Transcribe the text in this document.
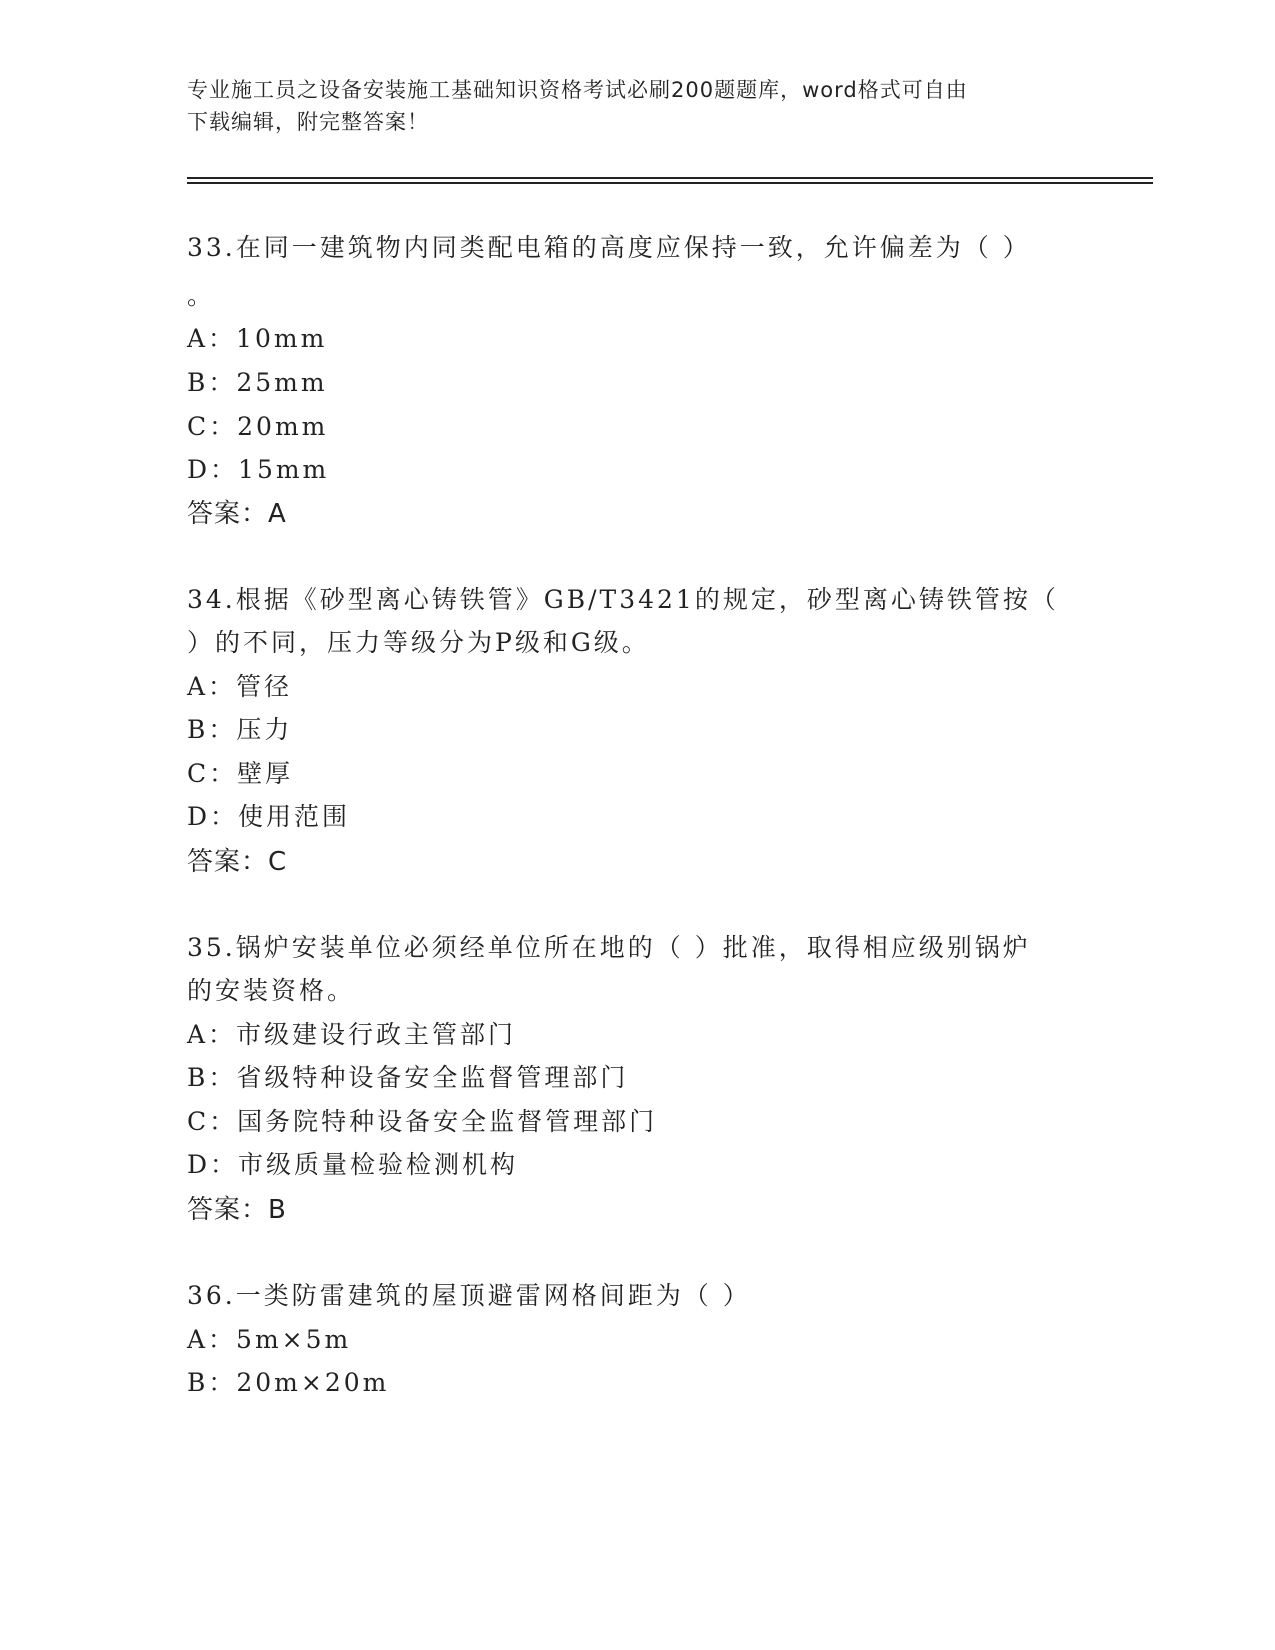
专业施工员之设备安装施工基础知识资格考试必刷200题题库，word格式可自由
下载编辑，附完整答案！
33.在同一建筑物内同类配电箱的高度应保持一致，允许偏差为（ ）
。
A：10mm
B：25mm
C：20mm
D：15mm
答案：A
34.根据《砂型离心铸铁管》GB/T3421的规定，砂型离心铸铁管按（
）的不同，压力等级分为P级和G级。
A：管径
B：压力
C：壁厚
D：使用范围
答案：C
35.锅炉安装单位必须经单位所在地的（ ）批准，取得相应级别锅炉
的安装资格。
A：市级建设行政主管部门
B：省级特种设备安全监督管理部门
C：国务院特种设备安全监督管理部门
D：市级质量检验检测机构
答案：B
36.一类防雷建筑的屋顶避雷网格间距为（ ）
A：5m×5m
B：20m×20m
